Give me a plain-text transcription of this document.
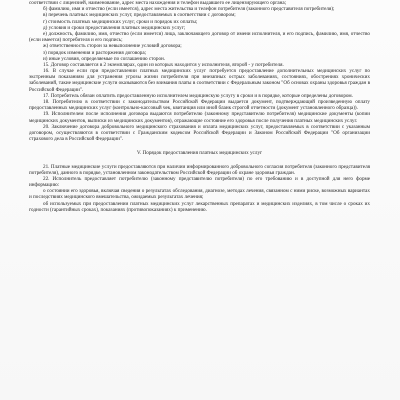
соответствии с лицензией, наименование, адрес места нахождения и телефон выдавшего ее лицензирующего органа;

б) фамилию, имя и отчество (если имеется), адрес места жительства и телефон потребителя (законного представителя потребителя);

в) перечень платных медицинских услуг, предоставляемых в соответствии с договором;

г) стоимость платных медицинских услуг, сроки и порядок их оплаты;

д) условия и сроки предоставления платных медицинских услуг;

е) должность, фамилию, имя, отчество (если имеется) лица, заключающего договор от имени исполнителя, и его подпись, фамилию, имя, отчество (если имеется) потребителя и его подпись;

ж) ответственность сторон за невыполнение условий договора;

з) порядок изменения и расторжения договора;

и) иные условия, определяемые по соглашению сторон.

15. Договор составляется в 2 экземплярах, один из которых находится у исполнителя, второй - у потребителя.

16. В случае если при предоставлении платных медицинских услуг потребуется предоставление дополнительных медицинских услуг по экстренным показаниям для устранения угрозы жизни потребителя при внезапных острых заболеваниях, состояниях, обострениях хронических заболеваний, такие медицинские услуги оказываются без взимания платы в соответствии с Федеральным законом "Об основах охраны здоровья граждан в Российской Федерации".

17. Потребитель обязан оплатить предоставленную исполнителем медицинскую услугу в сроки и в порядке, которые определены договором.

18. Потребителю в соответствии с законодательством Российской Федерации выдается документ, подтверждающий произведенную оплату предоставленных медицинских услуг (контрольно-кассовый чек, квитанция или иной бланк строгой отчетности (документ установленного образца)).

19. Исполнителем после исполнения договора выдаются потребителю (законному представителю потребителя) медицинские документы (копии медицинских документов, выписки из медицинских документов), отражающие состояние его здоровья после получения платных медицинских услуг.

20. Заключение договора добровольного медицинского страхования и оплата медицинских услуг, предоставляемых в соответствии с указанным договором, осуществляются в соответствии с Гражданским кодексом Российской Федерации и Законом Российской Федерации "Об организации страхового дела в Российской Федерации".

V. Порядок предоставления платных медицинских услуг

21. Платные медицинские услуги предоставляются при наличии информированного добровольного согласия потребителя (законного представителя потребителя), данного в порядке, установленном законодательством Российской Федерации об охране здоровья граждан.

22. Исполнитель предоставляет потребителю (законному представителю потребителя) по его требованию и в доступной для него форме информацию:

о состоянии его здоровья, включая сведения о результатах обследования, диагнозе, методах лечения, связанном с ними риске, возможных вариантах и последствиях медицинского вмешательства, ожидаемых результатах лечения;

об используемых при предоставлении платных медицинских услуг лекарственных препаратах и медицинских изделиях, в том числе о сроках их годности (гарантийных сроках), показаниях (противопоказаниях) к применению.
